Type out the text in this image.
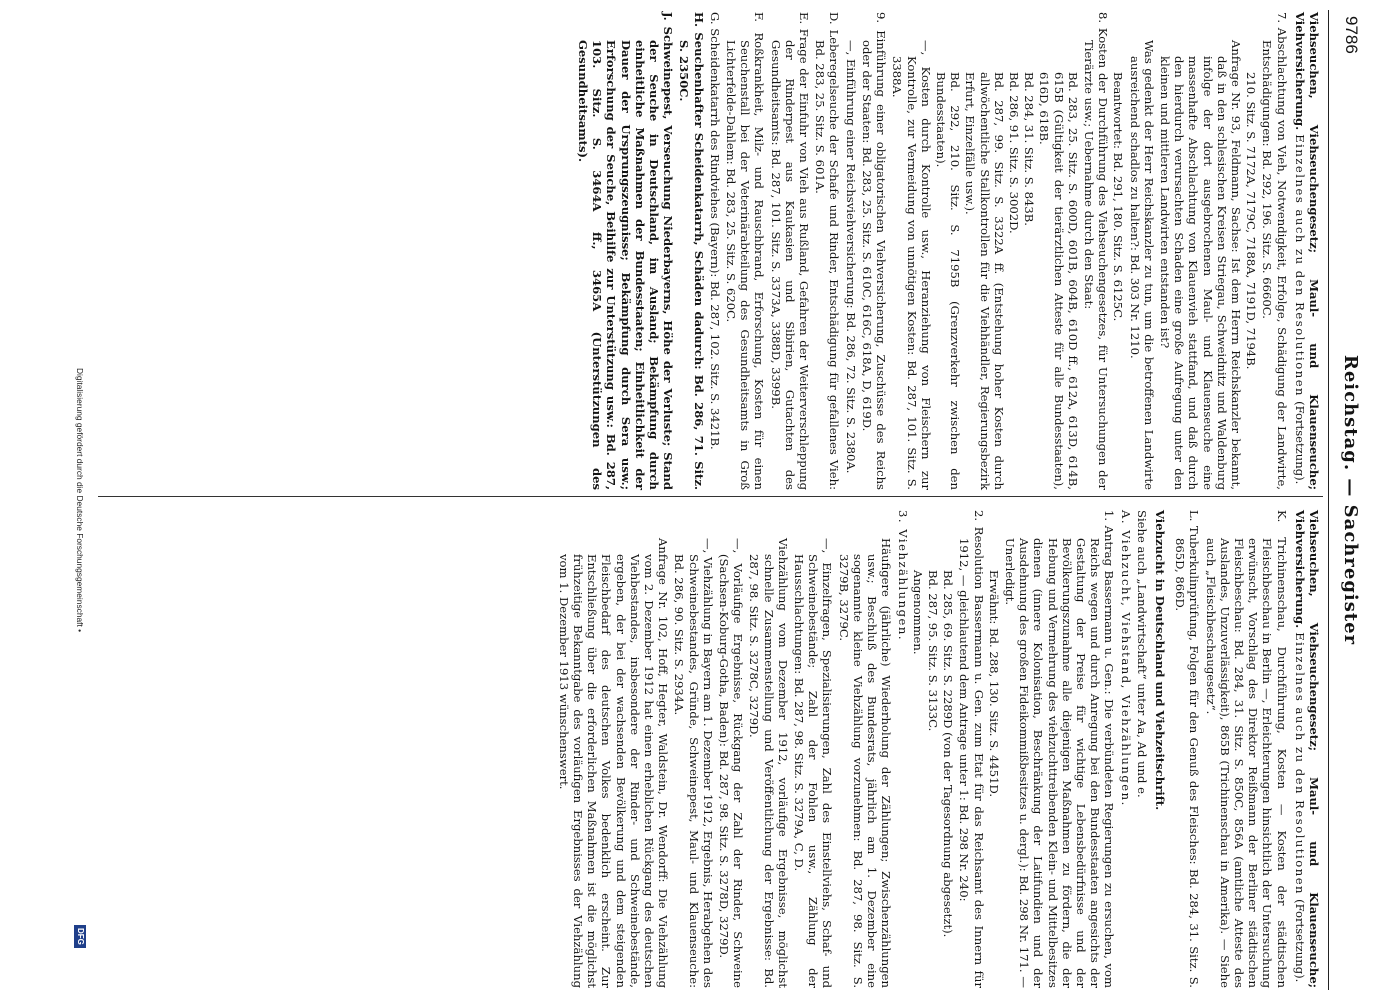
9786
Reichstag. — Sachregister
Viehseuchen, Viehseuchengesetz; Maul- und Klauenseuche; Viehversicherung. Einzelnes auch zu den Resolutionen (Fortsetzung).

7. Abschlachtung von Vieh, Notwendigkeit, Erfolge, Schädigung der Landwirte, Entschädigungen: Bd. 292, 196. Sitz. S. 6660C.

210. Sitz. S. 7172A, 7179C, 7188A, 7191D, 7194B.

Anfrage Nr. 93, Feldmann, Sachse: Ist dem Herrn Reichskanzler bekannt, daß in den schlesischen Kreisen Striegau, Schweidnitz und Waldenburg infolge der dort ausgebrochenen Maul- und Klauenseuche eine massenhafte Abschlachtung von Klauenvieh stattfand, und daß durch den hierdurch verursachten Schaden eine große Aufregung unter den kleinen und mittleren Landwirten entstanden ist?

Was gedenkt der Herr Reichskanzler zu tun, um die betroffenen Landwirte ausreichend schadlos zu halten?: Bd. 303 Nr. 1210.

Beantwortet: Bd. 291, 180. Sitz. S. 6125C.

8. Kosten der Durchführung des Viehseuchengesetzes, für Untersuchungen der Tierärzte usw.; Uebernahme durch den Staat:

Bd. 283, 25. Sitz. S. 600D, 601B, 604B, 610D ff., 612A, 613D, 614B, 615B (Gültigkeit der tierärztlichen Atteste für alle Bundesstaaten), 616D, 618B.

Bd. 284, 31. Sitz. S. 843B.

Bd. 286, 91. Sitz. S. 3002D.

Bd. 287, 99. Sitz. S. 3322A ff. (Entstehung hoher Kosten durch allwöchentliche Stallkontrollen für die Viehhändler, Regierungsbezirk Erfurt, Einzelfälle usw.).

Bd. 292, 210. Sitz. S. 7195B (Grenzverkehr zwischen den Bundesstaaten).

—, Kosten durch Kontrolle usw., Heranziehung von Fleischern zur Kontrolle, zur Vermeidung von unnötigen Kosten: Bd. 287, 101. Sitz. S. 3388A.

9. Einführung einer obligatorischen Viehversicherung, Zuschüsse des Reichs oder der Staaten: Bd. 283, 25. Sitz. S. 610C, 616C, 618A, D, 619D.

—, Einführung einer Reichsviehversicherung: Bd. 286, 72. Sitz. S. 2380A.

D. Leberegelseuche der Schafe und Rinder, Entschädigung für gefallenes Vieh: Bd. 283, 25. Sitz. S. 601A.

E. Frage der Einfuhr von Vieh aus Rußland, Gefahren der Weiterverschleppung der Rinderpest aus Kaukasien und Sibirien, Gutachten des Gesundheitsamts: Bd. 287, 101. Sitz. S. 3373A, 3388D, 3399B.

F. Roßkrankheit, Milz- und Rauschbrand, Erforschung, Kosten für einen Seuchenstall bei der Veterinärabteilung des Gesundheitsamts in Groß Lichterfelde-Dahlem: Bd. 283, 25. Sitz. S. 620C.

G. Scheidenkatarrh des Rindviehes (Bayern): Bd. 287, 102. Sitz. S. 3421B.

H. Seuchenhafter Scheidenkatarrh, Schäden dadurch: Bd. 286, 71. Sitz. S. 2350C.

J. Schweinepest, Verseuchung Niederbayerns, Höhe der Verluste; Stand der Seuche in Deutschland, im Ausland; Bekämpfung durch einheitliche Maßnahmen der Bundesstaaten; Einheitlichkeit der Dauer der Ursprungszeugnisse; Bekämpfung durch Sera usw.; Erforschung der Seuche, Beihilfe zur Unterstützung usw.: Bd. 287, 103. Sitz. S. 3464A ff., 3465A (Unterstützungen des Gesundheitsamts).

Viehseuchen, Viehseuchengesetz; Maul- und Klauenseuche; Viehversicherung. Einzelnes auch zu den Resolutionen (Fortsetzung).

K. Trichinenschau, Durchführung, Kosten — Kosten der städtischen Fleischbeschau in Berlin —, Erleichterungen hinsichtlich der Untersuchung erwünscht, Vorschlag des Direktor Reißmann der Berliner städtischen Fleischbeschau: Bd. 284, 31. Sitz. S. 850C, 856A (amtliche Atteste des Auslandes, Unzuverlässigkeit), 865B (Trichinenschau in Amerika). — Siehe auch „Fleischbeschaugesetz“.

L. Tuberkulinprüfung, Folgen für den Genuß des Fleisches: Bd. 284, 31. Sitz. S. 865D, 866D.

Viehzucht in Deutschland und Viehzeitschrift.

Siehe auch „Landwirtschaft“ unter Aa, Ad und e.

A. Viehzucht, Viehstand, Viehzählungen.

1. Antrag Bassermann u. Gen.: Die verbündeten Regierungen zu ersuchen, vom Reichs wegen und durch Anregung bei den Bundesstaaten angesichts der Gestaltung der Preise für wichtige Lebensbedürfnisse und der Bevölkerungszunahme alle diejenigen Maßnahmen zu fördern, die der Hebung und Vermehrung des viehzuchttreibenden Klein- und Mittelbesitzes dienen (innere Kolonisation, Beschränkung der Latifundien und der Ausdehnung des großen Fideikommißbesitzes u. dergl.): Bd. 298 Nr. 171. — Unerledigt.

Erwähnt: Bd. 288, 130. Sitz. S. 4451D.

2. Resolution Bassermann u. Gen. zum Etat für das Reichsamt des Innern für 1912, — gleichlautend dem Antrage unter 1: Bd. 298 Nr. 240:

Bd. 285, 69. Sitz. S. 2289D (von der Tagesordnung abgesetzt).

Bd. 287, 95. Sitz. S. 3133C.

Angenommen.

3. Viehzählungen.

Häufigere (jährliche) Wiederholung der Zählungen; Zwischenzählungen usw.; Beschluß des Bundesrats, jährlich am 1. Dezember eine sogenannte kleine Viehzählung vorzunehmen: Bd. 287, 98. Sitz. S. 3279B, 3279C.

—, Einzelfragen, Spezialisierungen, Zahl des Einstellviehs, Schaf- und Schweinebestände; Zahl der Fohlen usw., Zählung der Hausschlachtungen: Bd. 287, 98. Sitz. S. 3279A, C, D.

Viehzählung vom Dezember 1912, vorläufige Ergebnisse, möglichst schnelle Zusammenstellung und Veröffentlichung der Ergebnisse: Bd. 287, 98. Sitz. S. 3278C, 3279D.

—, Vorläufige Ergebnisse, Rückgang der Zahl der Rinder, Schweine (Sachsen-Koburg-Gotha, Baden): Bd. 287, 98. Sitz. S. 3278D, 3279D.

—, Viehzählung in Bayern am 1. Dezember 1912, Ergebnis, Herabgehen des Schweinebestandes, Gründe, Schweinepest, Maul- und Klauenseuche: Bd. 286, 90. Sitz. S. 2934A.

Anfrage Nr. 102, Hoff, Hegter, Waldstein, Dr. Wendorff: Die Viehzählung vom 2. Dezember 1912 hat einen erheblichen Rückgang des deutschen Viehbestandes, insbesondere der Rinder- und Schweinebestände, ergeben, der bei der wachsenden Bevölkerung und dem steigenden Fleischbedarf des deutschen Volkes bedenklich erscheint. Zur Entschließung über die erforderlichen Maßnahmen ist die möglichst frühzeitige Bekanntgabe des vorläufigen Ergebnisses der Viehzählung vom 1. Dezember 1913 wünschenswert.

Digitalisierung gefördert durch die Deutsche Forschungsgemeinschaft •
DFG
